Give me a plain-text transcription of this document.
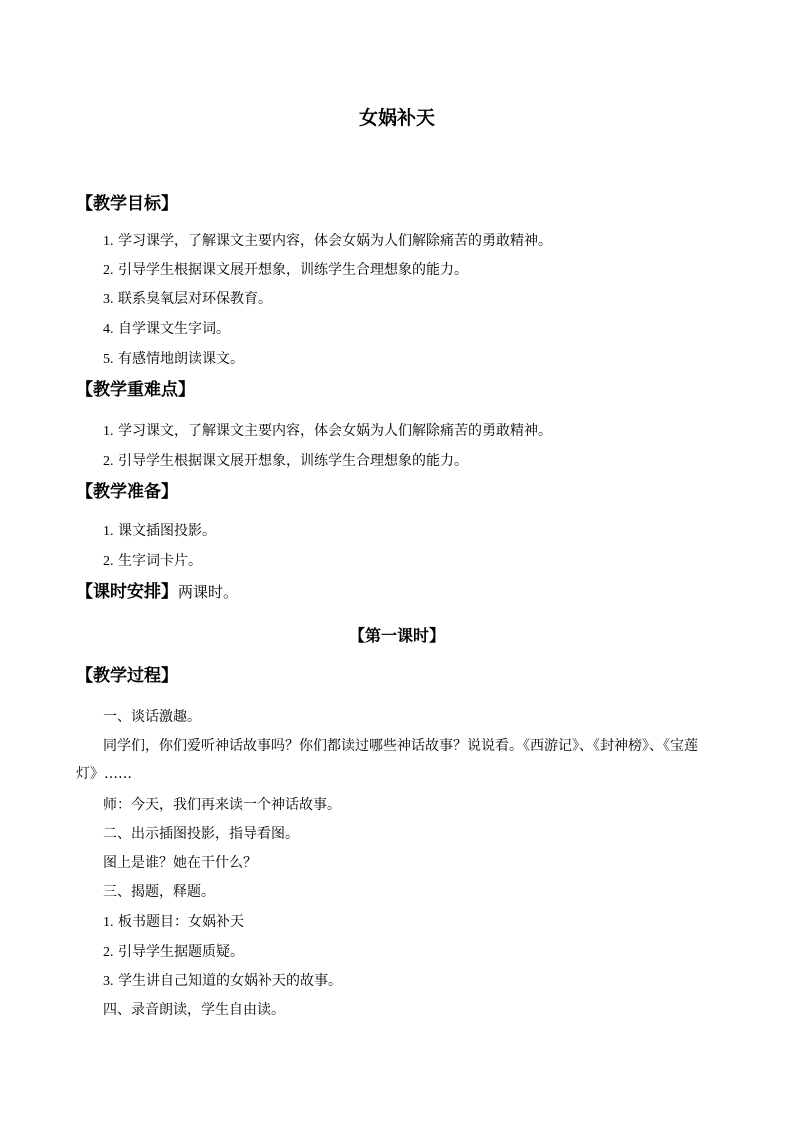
女娲补天
【教学目标】
1. 学习课学，了解课文主要内容，体会女娲为人们解除痛苦的勇敢精神。
2. 引导学生根据课文展开想象，训练学生合理想象的能力。
3. 联系臭氧层对环保教育。
4. 自学课文生字词。
5. 有感情地朗读课文。
【教学重难点】
1. 学习课文，了解课文主要内容，体会女娲为人们解除痛苦的勇敢精神。
2. 引导学生根据课文展开想象，训练学生合理想象的能力。
【教学准备】
1. 课文插图投影。
2. 生字词卡片。
【课时安排】两课时。
【第一课时】
【教学过程】
一、谈话激趣。
同学们，你们爱听神话故事吗？你们都读过哪些神话故事？说说看。《西游记》、《封神榜》、《宝莲灯》……
师：今天，我们再来读一个神话故事。
二、出示插图投影，指导看图。
图上是谁？她在干什么？
三、揭题，释题。
1. 板书题目：女娲补天
2. 引导学生据题质疑。
3. 学生讲自己知道的女娲补天的故事。
四、录音朗读，学生自由读。
